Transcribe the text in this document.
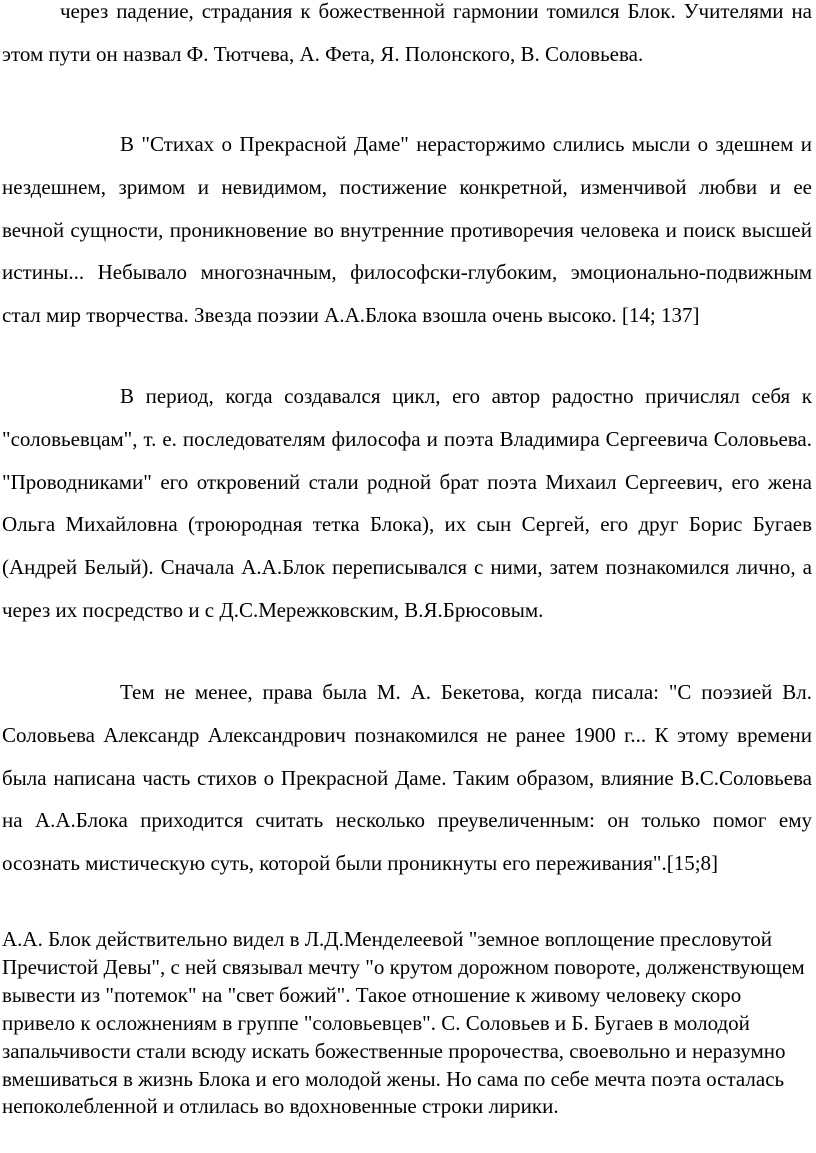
через падение, страдания к божественной гармонии томился Блок. Учителями на этом пути он назвал Ф. Тютчева, А. Фета, Я. Полонского, В. Соловьева.

В "Стихах о Прекрасной Даме" нерасторжимо слились мысли о здешнем и нездешнем, зримом и невидимом, постижение конкретной, изменчивой любви и ее вечной сущности, проникновение во внутренние противоречия человека и поиск высшей истины... Небывало многозначным, философски-глубоким, эмоционально-подвижным стал мир творчества. Звезда поэзии А.А.Блока взошла очень высоко. [14; 137]

В период, когда создавался цикл, его автор радостно причислял себя к "соловьевцам", т. е. последователям философа и поэта Владимира Сергеевича Соловьева. "Проводниками" его откровений стали родной брат поэта Михаил Сергеевич, его жена Ольга Михайловна (троюродная тетка Блока), их сын Сергей, его друг Борис Бугаев (Андрей Белый). Сначала А.А.Блок переписывался с ними, затем познакомился лично, а через их посредство и с Д.С.Мережковским, В.Я.Брюсовым.

Тем не менее, права была М. А. Бекетова, когда писала: "С поэзией Вл. Соловьева Александр Александрович познакомился не ранее 1900 г... К этому времени была написана часть стихов о Прекрасной Даме. Таким образом, влияние В.С.Соловьева на А.А.Блока приходится считать несколько преувеличенным: он только помог ему осознать мистическую суть, которой были проникнуты его переживания".[15;8]

А.А. Блок действительно видел в Л.Д.Менделеевой "земное воплощение пресловутой Пречистой Девы", с ней связывал мечту "о крутом дорожном повороте, долженствующем вывести из "потемок" на "свет божий". Такое отношение к живому человеку скоро привело к осложнениям в группе "соловьевцев". С. Соловьев и Б. Бугаев в молодой запальчивости стали всюду искать божественные пророчества, своевольно и неразумно вмешиваться в жизнь Блока и его молодой жены. Но сама по себе мечта поэта осталась непоколебленной и отлилась во вдохновенные строки лирики.
